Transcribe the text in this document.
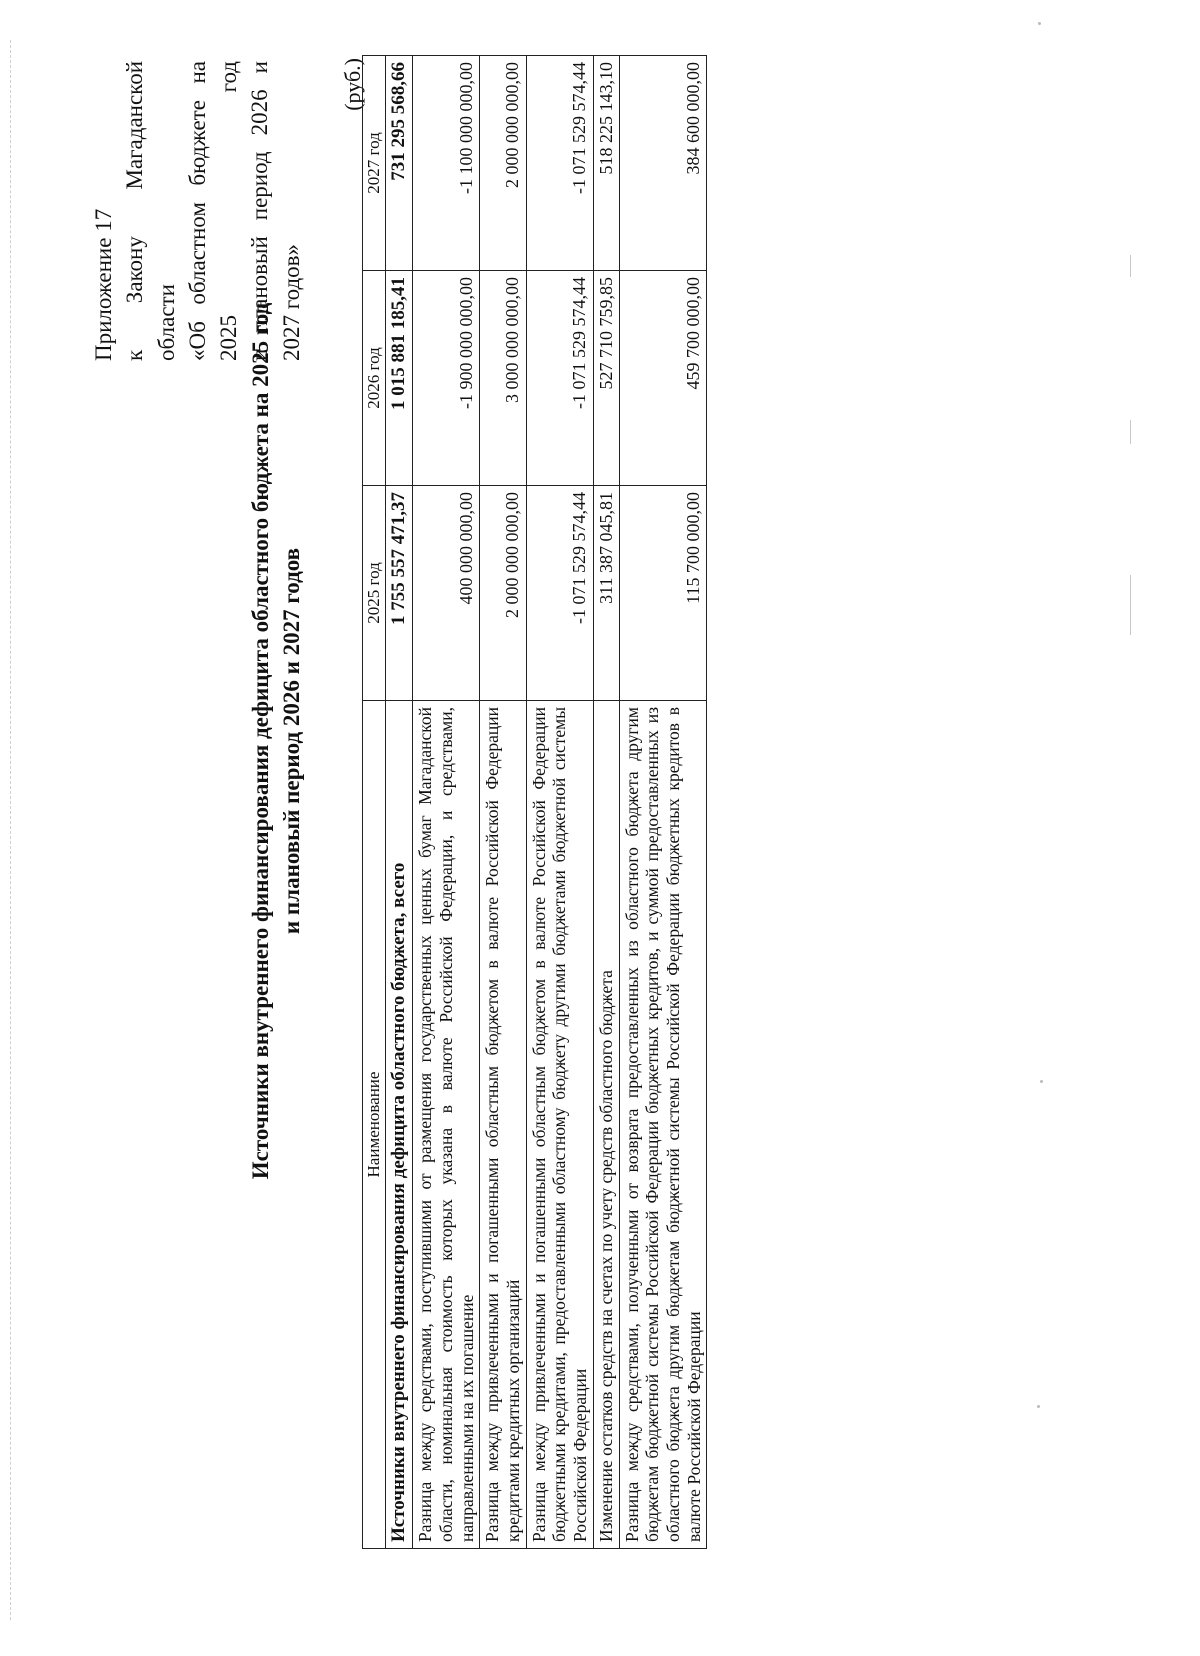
Приложение 17 к Закону Магаданской области «Об областном бюджете на 2025 год и плановый период 2026 и 2027 годов»
Источники внутреннего финансирования дефицита областного бюджета на 2025 год и плановый период 2026 и 2027 годов
(руб.)
Наименование	2025 год	2026 год	2027 год
Источники внутреннего финансирования дефицита областного бюджета, всего	1 755 557 471,37	1 015 881 185,41	731 295 568,66
Разница между средствами, поступившими от размещения государственных ценных бумаг Магаданской области, номинальная стоимость которых указана в валюте Российской Федерации, и средствами, направленными на их погашение	400 000 000,00	-1 900 000 000,00	-1 100 000 000,00
Разница между привлеченными и погашенными областным бюджетом в валюте Российской Федерации кредитами кредитных организаций	2 000 000 000,00	3 000 000 000,00	2 000 000 000,00
Разница между привлеченными и погашенными областным бюджетом в валюте Российской Федерации бюджетными кредитами, предоставленными областному бюджету другими бюджетами бюджетной системы Российской Федерации	-1 071 529 574,44	-1 071 529 574,44	-1 071 529 574,44
Изменение остатков средств на счетах по учету средств областного бюджета	311 387 045,81	527 710 759,85	518 225 143,10
Разница между средствами, полученными от возврата предоставленных из областного бюджета другим бюджетам бюджетной системы Российской Федерации бюджетных кредитов, и суммой предоставленных из областного бюджета другим бюджетам бюджетной системы Российской Федерации бюджетных кредитов в валюте Российской Федерации	115 700 000,00	459 700 000,00	384 600 000,00
